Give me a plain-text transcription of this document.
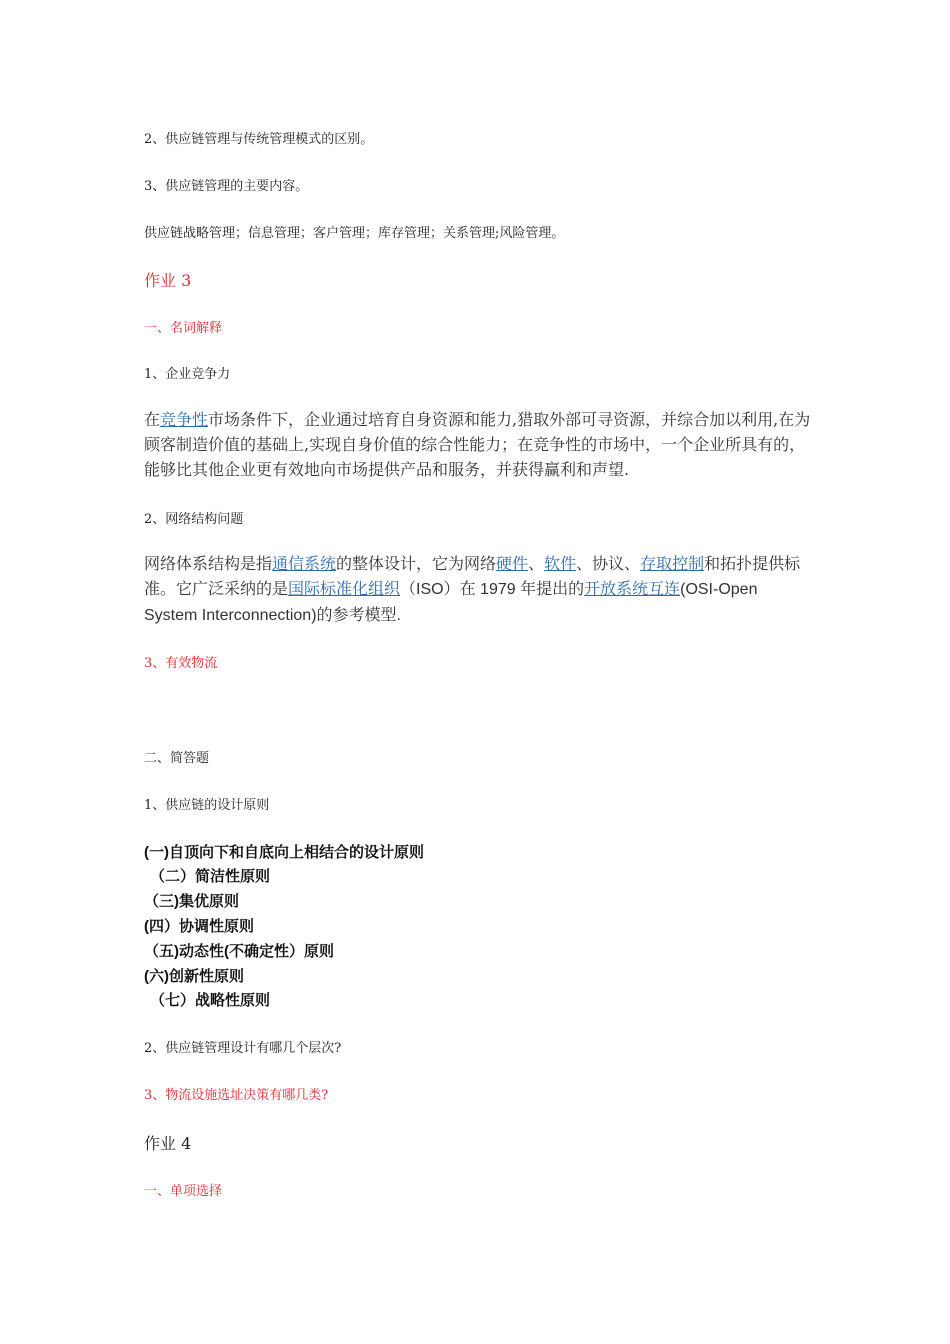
2、供应链管理与传统管理模式的区别。
3、供应链管理的主要内容。
供应链战略管理；信息管理；客户管理；库存管理；关系管理;风险管理。
作业 3
一、名词解释
1、企业竞争力
在竞争性市场条件下，企业通过培育自身资源和能力,猎取外部可寻资源，并综合加以利用,在为顾客制造价值的基础上,实现自身价值的综合性能力；在竞争性的市场中，一个企业所具有的，能够比其他企业更有效地向市场提供产品和服务，并获得赢利和声望.
2、网络结构问题
网络体系结构是指通信系统的整体设计，它为网络硬件、软件、协议、存取控制和拓扑提供标准。它广泛采纳的是国际标准化组织（ISO）在 1979 年提出的开放系统互连(OSI-Open System Interconnection)的参考模型.
3、有效物流
二、简答题
1、供应链的设计原则
(一)自顶向下和自底向上相结合的设计原则
（二）简洁性原则
（三)集优原则
(四）协调性原则
（五)动态性(不确定性）原则
(六)创新性原则
（七）战略性原则
2、供应链管理设计有哪几个层次?
3、物流设施选址决策有哪几类?
作业 4
一、单项选择
